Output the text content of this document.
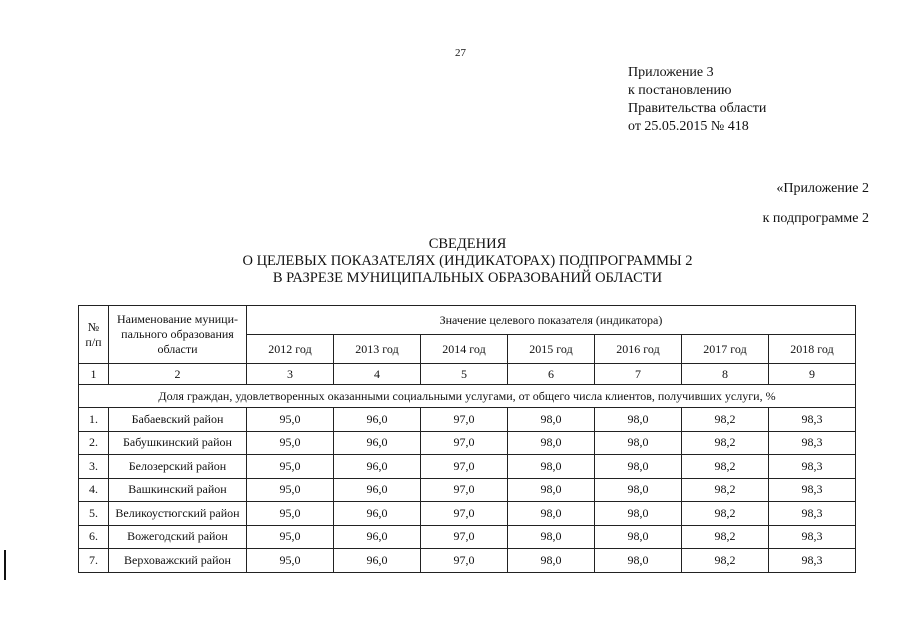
27
Приложение 3
к постановлению
Правительства области
от 25.05.2015 № 418
«Приложение 2
к подпрограмме 2
СВЕДЕНИЯ
О ЦЕЛЕВЫХ ПОКАЗАТЕЛЯХ (ИНДИКАТОРАХ) ПОДПРОГРАММЫ 2
В РАЗРЕЗЕ МУНИЦИПАЛЬНЫХ ОБРАЗОВАНИЙ ОБЛАСТИ
№ п/п	Наименование муници-пального образования области	Значение целевого показателя (индикатора)						
		2012 год	2013 год	2014 год	2015 год	2016 год	2017 год	2018 год
1	2	3	4	5	6	7	8	9
Доля граждан, удовлетворенных оказанными социальными услугами, от общего числа клиентов, получивших услуги, %								
1.	Бабаевский район	95,0	96,0	97,0	98,0	98,0	98,2	98,3
2.	Бабушкинский район	95,0	96,0	97,0	98,0	98,0	98,2	98,3
3.	Белозерский район	95,0	96,0	97,0	98,0	98,0	98,2	98,3
4.	Вашкинский район	95,0	96,0	97,0	98,0	98,0	98,2	98,3
5.	Великоустюгский район	95,0	96,0	97,0	98,0	98,0	98,2	98,3
6.	Вожегодский район	95,0	96,0	97,0	98,0	98,0	98,2	98,3
7.	Верховажский район	95,0	96,0	97,0	98,0	98,0	98,2	98,3
